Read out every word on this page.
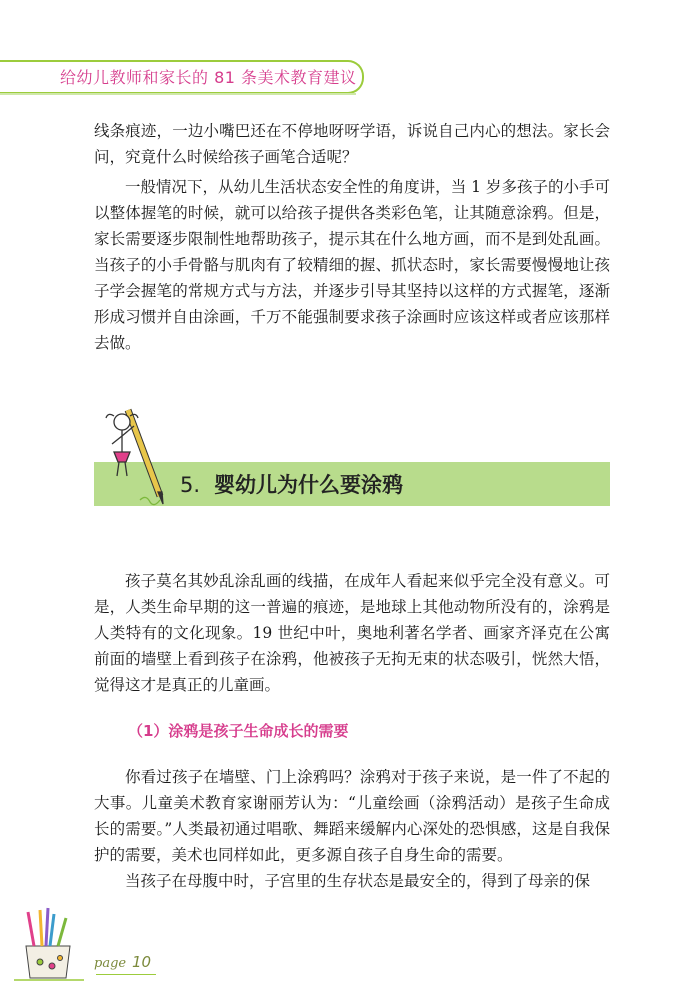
给幼儿教师和家长的 81 条美术教育建议

线条痕迹，一边小嘴巴还在不停地呀呀学语，诉说自己内心的想法。家长会问，究竟什么时候给孩子画笔合适呢？

一般情况下，从幼儿生活状态安全性的角度讲，当 1 岁多孩子的小手可以整体握笔的时候，就可以给孩子提供各类彩色笔，让其随意涂鸦。但是，家长需要逐步限制性地帮助孩子，提示其在什么地方画，而不是到处乱画。当孩子的小手骨骼与肌肉有了较精细的握、抓状态时，家长需要慢慢地让孩子学会握笔的常规方式与方法，并逐步引导其坚持以这样的方式握笔，逐渐形成习惯并自由涂画，千万不能强制要求孩子涂画时应该这样或者应该那样去做。

5. 婴幼儿为什么要涂鸦

孩子莫名其妙乱涂乱画的线描，在成年人看起来似乎完全没有意义。可是，人类生命早期的这一普遍的痕迹，是地球上其他动物所没有的，涂鸦是人类特有的文化现象。19 世纪中叶，奥地利著名学者、画家齐泽克在公寓前面的墙壁上看到孩子在涂鸦，他被孩子无拘无束的状态吸引，恍然大悟，觉得这才是真正的儿童画。

（1）涂鸦是孩子生命成长的需要

你看过孩子在墙壁、门上涂鸦吗？涂鸦对于孩子来说，是一件了不起的大事。儿童美术教育家谢丽芳认为：“儿童绘画（涂鸦活动）是孩子生命成长的需要。”人类最初通过唱歌、舞蹈来缓解内心深处的恐惧感，这是自我保护的需要，美术也同样如此，更多源自孩子自身生命的需要。

当孩子在母腹中时，子宫里的生存状态是最安全的，得到了母亲的保

page 10
